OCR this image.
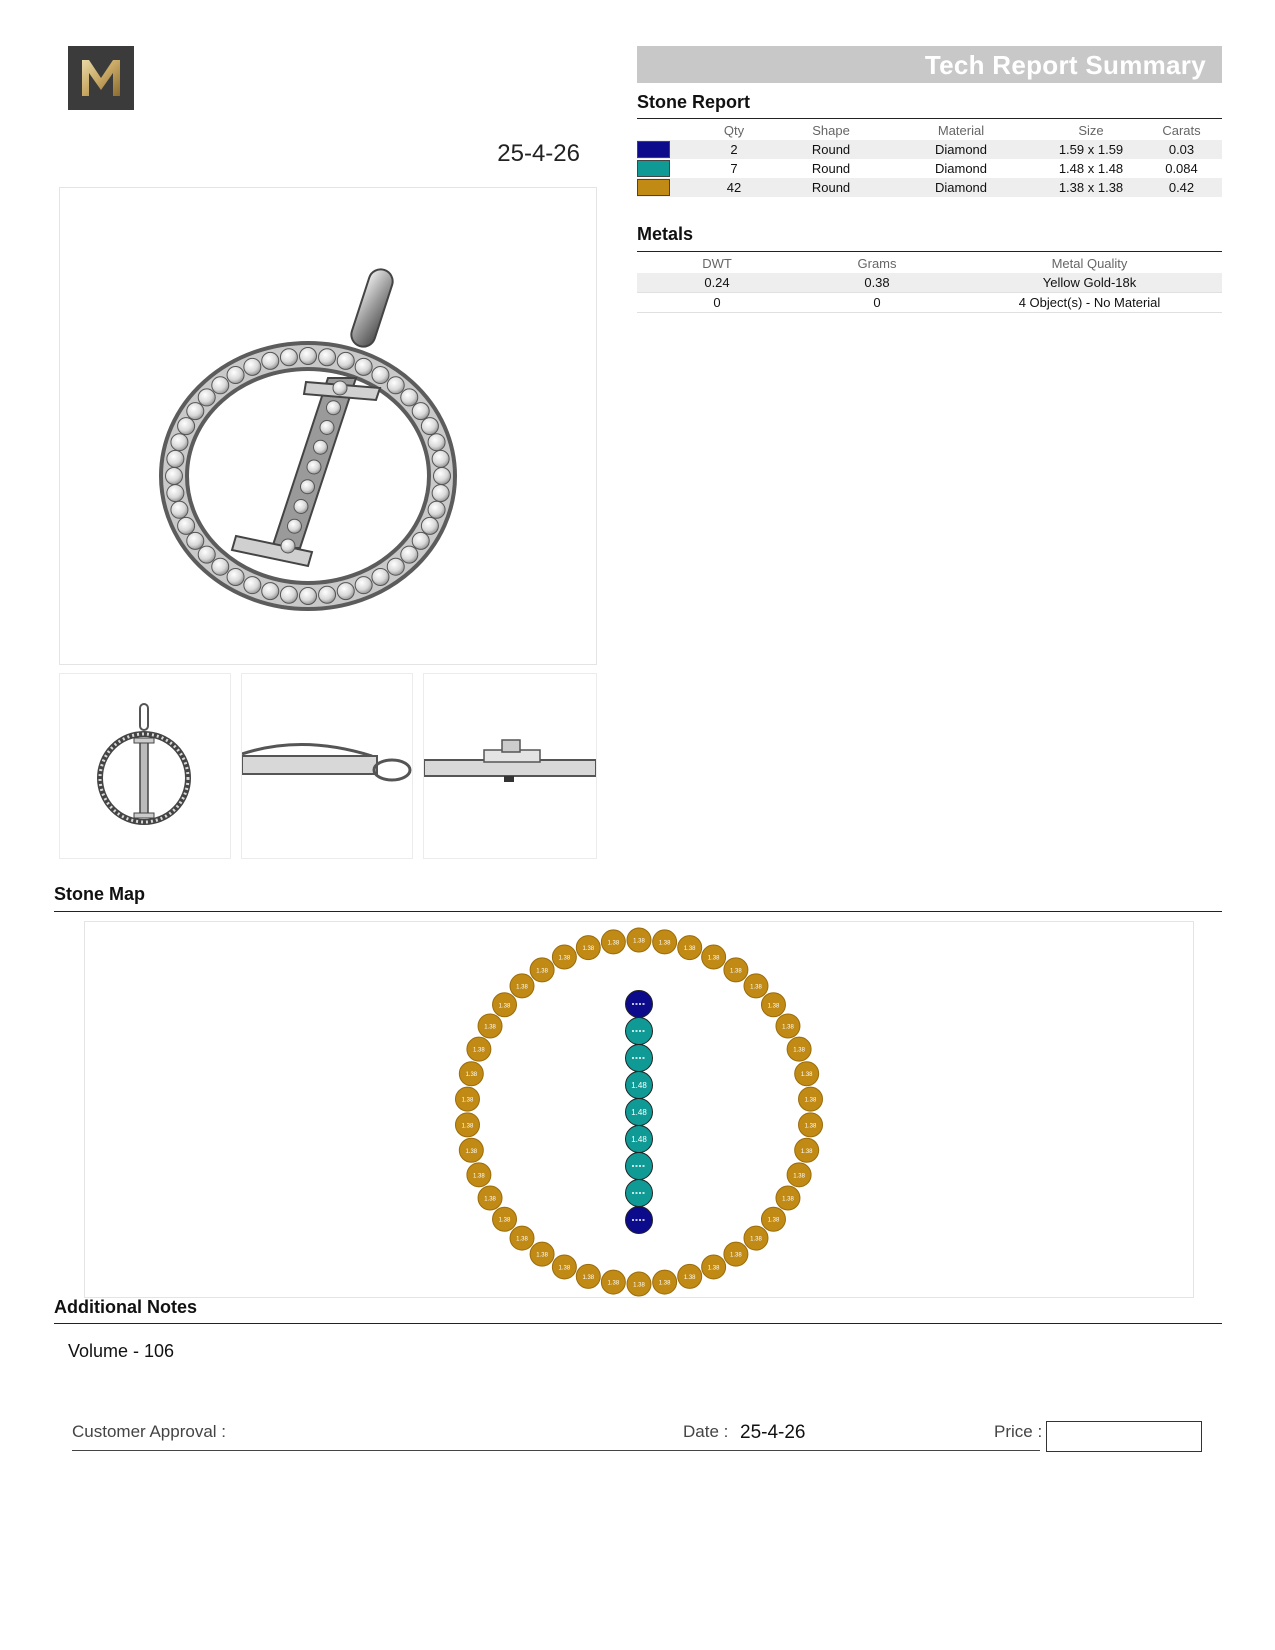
25-4-26
Tech Report Summary
Stone Report
	Qty	Shape	Material	Size	Carats
	2	Round	Diamond	1.59 x 1.59	0.03
	7	Round	Diamond	1.48 x 1.48	0.084
	42	Round	Diamond	1.38 x 1.38	0.42
Metals
DWT	Grams	Metal Quality
0.24	0.38	Yellow Gold-18k
0	0	4 Object(s) - No Material
Stone Map
1.38 1.38
1.38
1.38
1.38
1.38
1.38
1.38
1.38
1.38
1.38
1.38
1.38
1.38
1.38
1.38
1.38
1.38
1.38
1.38
1.38
1.38
1.38
1.38
1.38
1.38
1.38
1.38
1.38
1.38
1.38
1.38
1.38
1.38
1.38
1.38
1.38
1.38
1.38
1.38
1.38
1.38
1.48
1.48
1.48
Additional Notes
Volume - 106
Customer Approval :	Date : 25-4-26	Price :
